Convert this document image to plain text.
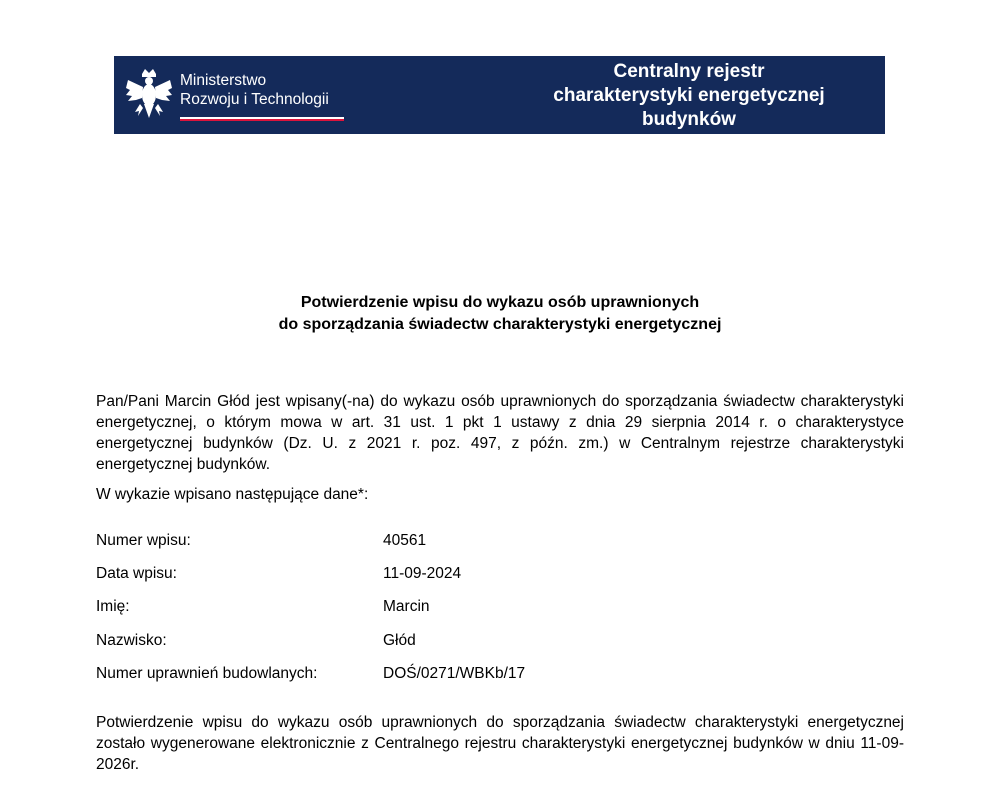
Ministerstwo
Rozwoju i Technologii
Centralny rejestr
charakterystyki energetycznej
budynków
Potwierdzenie wpisu do wykazu osób uprawnionych
do sporządzania świadectw charakterystyki energetycznej
Pan/Pani Marcin Głód jest wpisany(-na) do wykazu osób uprawnionych do sporządzania świadectw charakterystyki energetycznej, o którym mowa w art. 31 ust. 1 pkt 1 ustawy z dnia 29 sierpnia 2014 r. o charakterystyce energetycznej budynków (Dz. U. z 2021 r. poz. 497, z późn. zm.) w Centralnym rejestrze charakterystyki energetycznej budynków.
W wykazie wpisano następujące dane*:
Numer wpisu:	40561
Data wpisu:	11-09-2024
Imię:	Marcin
Nazwisko:	Głód
Numer uprawnień budowlanych:	DOŚ/0271/WBKb/17
Potwierdzenie wpisu do wykazu osób uprawnionych do sporządzania świadectw charakterystyki energetycznej zostało wygenerowane elektronicznie z Centralnego rejestru charakterystyki energetycznej budynków w dniu 11-09-2026r.
